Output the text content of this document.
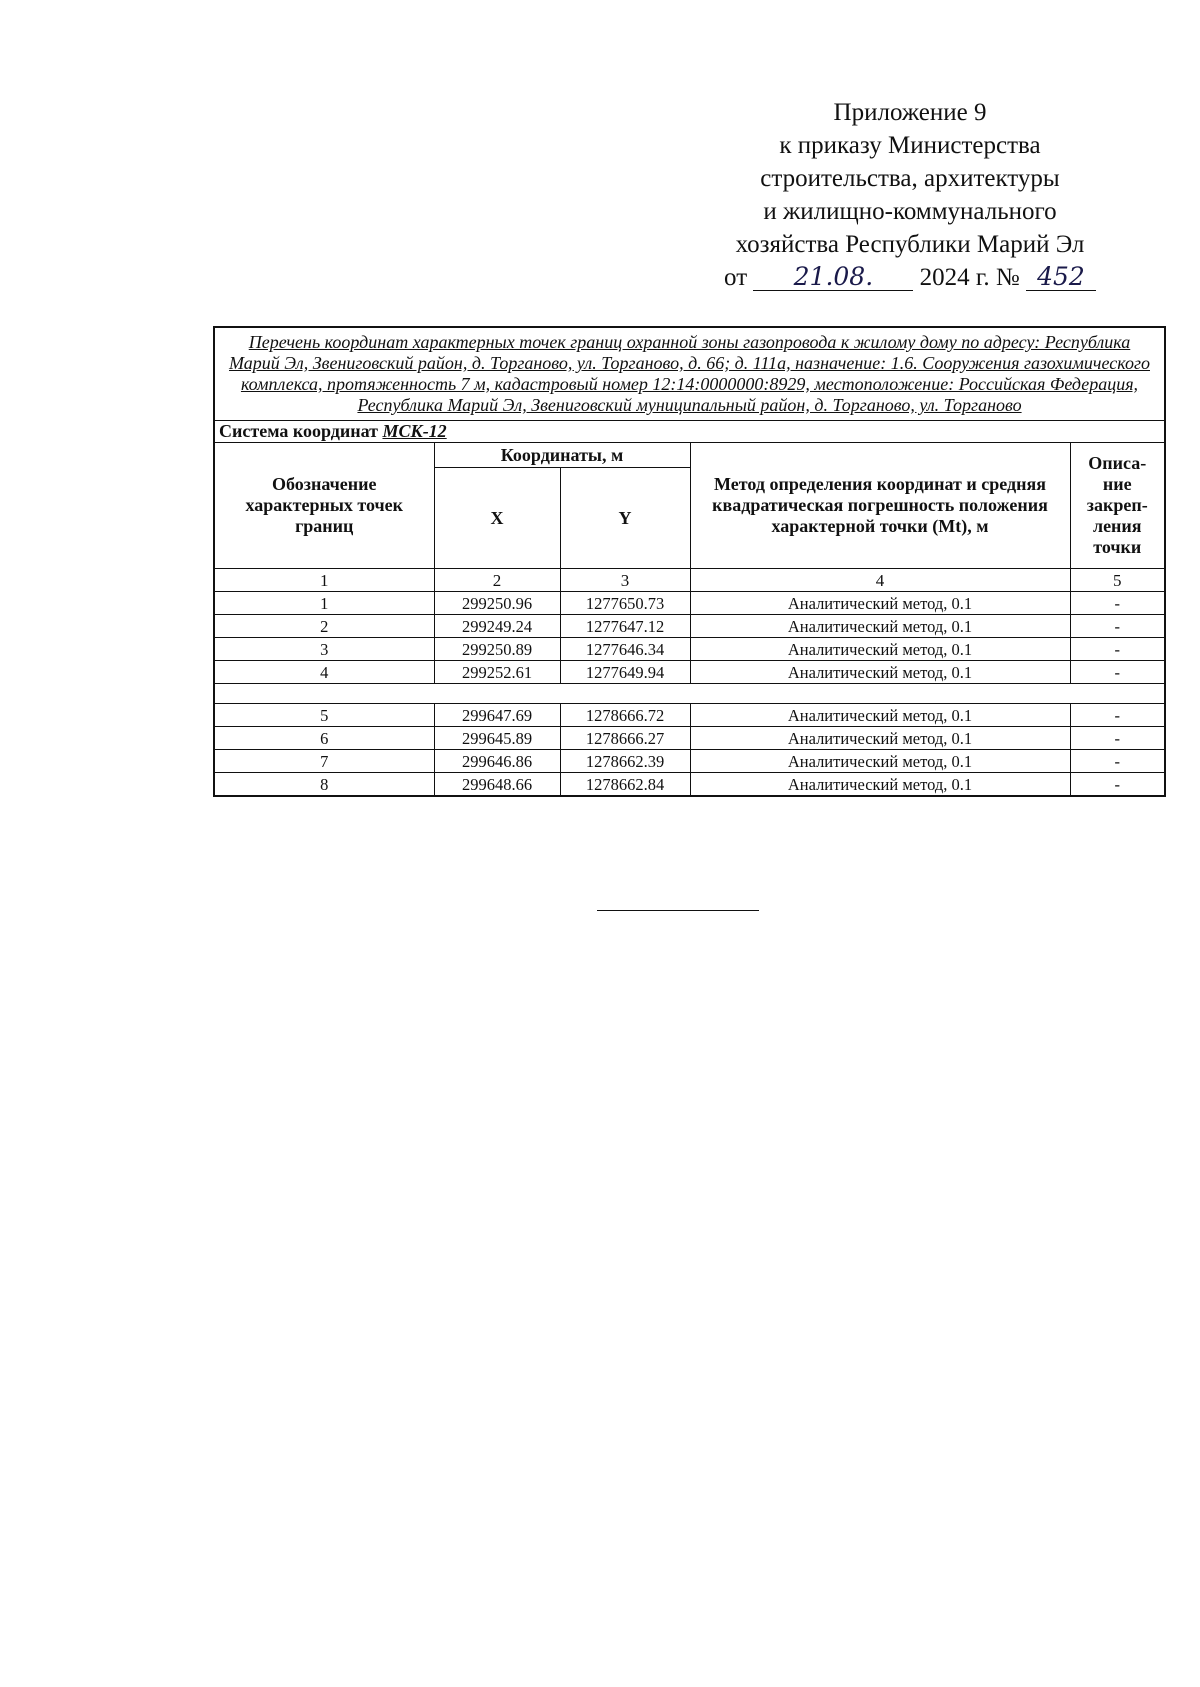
Приложение 9
к приказу Министерства
строительства, архитектуры
и жилищно-коммунального
хозяйства Республики Марий Эл
от 21.08. 2024 г. № 452
Перечень координат характерных точек границ охранной зоны газопровода к жилому дому по адресу: Республика Марий Эл, Звениговский район, д. Торганово, ул. Торганово, д. 66; д. 111а, назначение: 1.6. Сооружения газохимического комплекса, протяженность 7 м, кадастровый номер 12:14:0000000:8929, местоположение: Российская Федерация, Республика Марий Эл, Звениговский муниципальный район, д. Торганово, ул. Торганово				
Система координат МСК-12				
Обозначение характерных точек границ	Координаты, м		Метод определения координат и средняя квадратическая погрешность положения характерной точки (Mt), м	Описа-ние закреп-ления точки
	X	Y		
1	2	3	4	5
1	299250.96	1277650.73	Аналитический метод, 0.1	-
2	299249.24	1277647.12	Аналитический метод, 0.1	-
3	299250.89	1277646.34	Аналитический метод, 0.1	-
4	299252.61	1277649.94	Аналитический метод, 0.1	-

5	299647.69	1278666.72	Аналитический метод, 0.1	-
6	299645.89	1278666.27	Аналитический метод, 0.1	-
7	299646.86	1278662.39	Аналитический метод, 0.1	-
8	299648.66	1278662.84	Аналитический метод, 0.1	-
